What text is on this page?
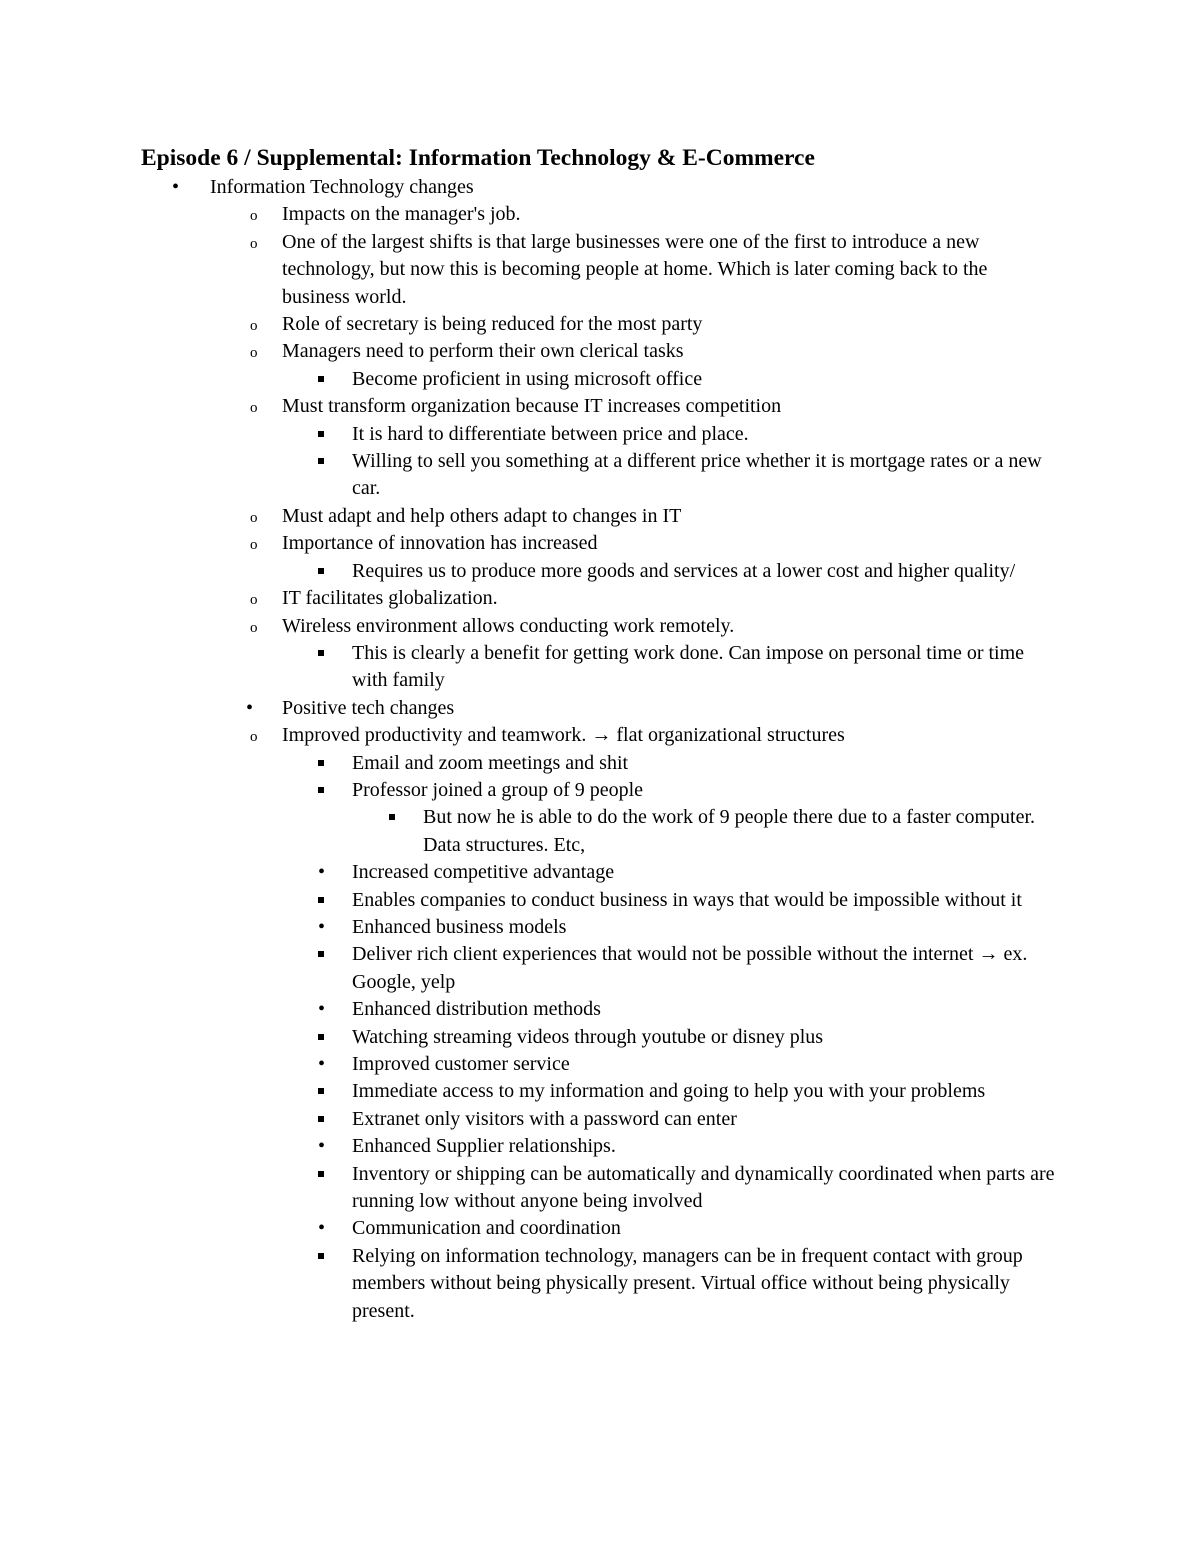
Episode 6 / Supplemental: Information Technology & E-Commerce
•
Information Technology changes
o
Impacts on the manager's job.
o
One of the largest shifts is that large businesses were one of the first to introduce a new technology, but now this is becoming people at home. Which is later coming back to the business world.
o
Role of secretary is being reduced for the most party
o
Managers need to perform their own clerical tasks
Become proficient in using microsoft office
o
Must transform organization because IT increases competition
It is hard to differentiate between price and place.
Willing to sell you something at a different price whether it is mortgage rates or a new car.
o
Must adapt and help others adapt to changes in IT
o
Importance of innovation has increased
Requires us to produce more goods and services at a lower cost and higher quality/
o
IT facilitates globalization.
o
Wireless environment allows conducting work remotely.
This is clearly a benefit for getting work done. Can impose on personal time or time with family
•
Positive tech changes
o
Improved productivity and teamwork. → flat organizational structures
Email and zoom meetings and shit
Professor joined a group of 9 people
But now he is able to do the work of 9 people there due to a faster computer. Data structures. Etc,
•
Increased competitive advantage
Enables companies to conduct business in ways that would be impossible without it
•
Enhanced business models
Deliver rich client experiences that would not be possible without the internet → ex. Google, yelp
•
Enhanced distribution methods
Watching streaming videos through youtube or disney plus
•
Improved customer service
Immediate access to my information and going to help you with your problems
Extranet only visitors with a password can enter
•
Enhanced Supplier relationships.
Inventory or shipping can be automatically and dynamically coordinated when parts are running low without anyone being involved
•
Communication and coordination
Relying on information technology, managers can be in frequent contact with group members without being physically present. Virtual office without being physically present.
